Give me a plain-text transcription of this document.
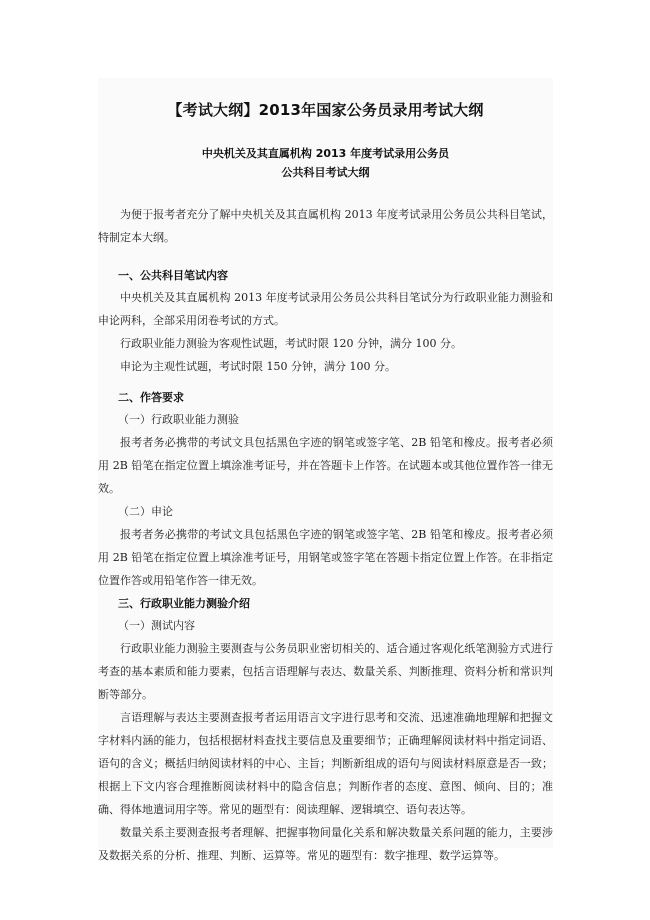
【考试大纲】2013年国家公务员录用考试大纲
中央机关及其直属机构 2013 年度考试录用公务员
公共科目考试大纲
为便于报考者充分了解中央机关及其直属机构 2013 年度考试录用公务员公共科目笔试，特制定本大纲。
一、公共科目笔试内容
中央机关及其直属机构 2013 年度考试录用公务员公共科目笔试分为行政职业能力测验和申论两科，全部采用闭卷考试的方式。
行政职业能力测验为客观性试题，考试时限 120 分钟，满分 100 分。
申论为主观性试题，考试时限 150 分钟，满分 100 分。
二、作答要求
（一）行政职业能力测验
报考者务必携带的考试文具包括黑色字迹的钢笔或签字笔、2B 铅笔和橡皮。报考者必须用 2B 铅笔在指定位置上填涂准考证号，并在答题卡上作答。在试题本或其他位置作答一律无效。
（二）申论
报考者务必携带的考试文具包括黑色字迹的钢笔或签字笔、2B 铅笔和橡皮。报考者必须用 2B 铅笔在指定位置上填涂准考证号，用钢笔或签字笔在答题卡指定位置上作答。在非指定位置作答或用铅笔作答一律无效。
三、行政职业能力测验介绍
（一）测试内容
行政职业能力测验主要测查与公务员职业密切相关的、适合通过客观化纸笔测验方式进行考查的基本素质和能力要素，包括言语理解与表达、数量关系、判断推理、资料分析和常识判断等部分。
言语理解与表达主要测查报考者运用语言文字进行思考和交流、迅速准确地理解和把握文字材料内涵的能力，包括根据材料查找主要信息及重要细节；正确理解阅读材料中指定词语、语句的含义；概括归纳阅读材料的中心、主旨；判断新组成的语句与阅读材料原意是否一致；根据上下文内容合理推断阅读材料中的隐含信息；判断作者的态度、意图、倾向、目的；准确、得体地遣词用字等。常见的题型有：阅读理解、逻辑填空、语句表达等。
数量关系主要测查报考者理解、把握事物间量化关系和解决数量关系问题的能力，主要涉及数据关系的分析、推理、判断、运算等。常见的题型有：数字推理、数学运算等。
